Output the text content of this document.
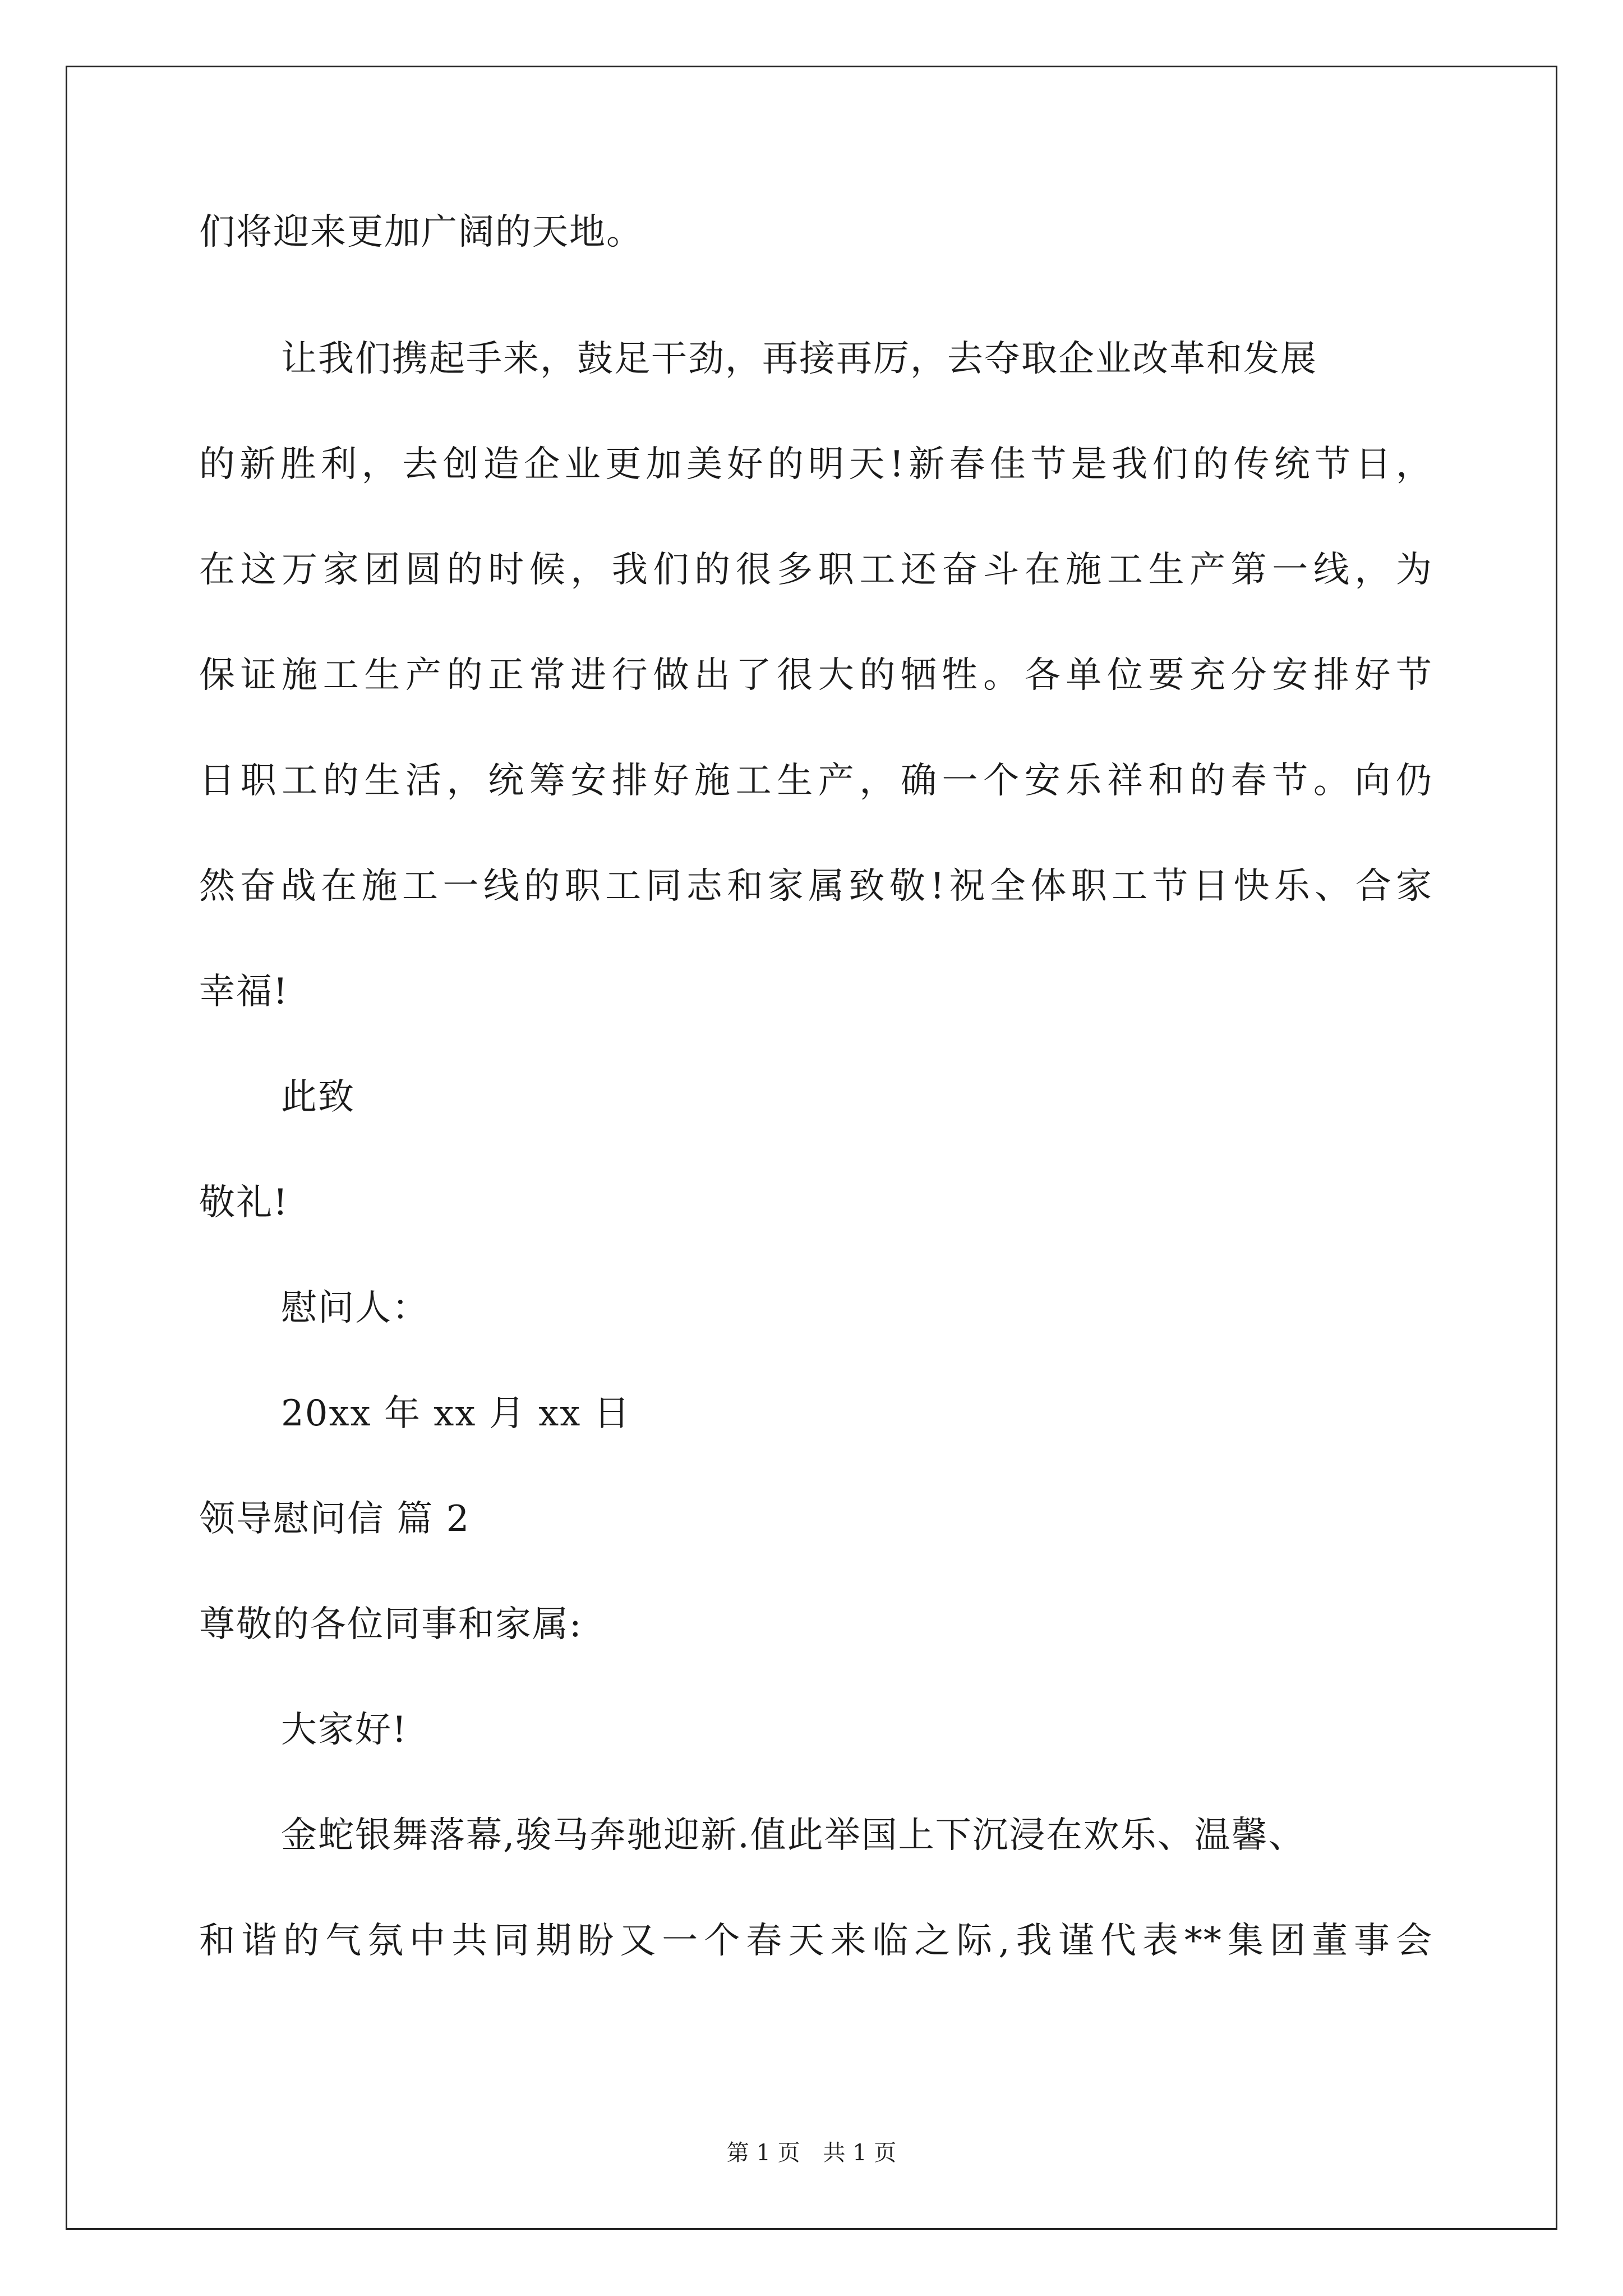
们将迎来更加广阔的天地。
让我们携起手来，鼓足干劲，再接再厉，去夺取企业改革和发展
的新胜利，去创造企业更加美好的明天!新春佳节是我们的传统节日，
在这万家团圆的时候，我们的很多职工还奋斗在施工生产第一线，为
保证施工生产的正常进行做出了很大的牺牲。各单位要充分安排好节
日职工的生活，统筹安排好施工生产，确一个安乐祥和的春节。向仍
然奋战在施工一线的职工同志和家属致敬!祝全体职工节日快乐、合家
幸福!
此致
敬礼!
慰问人：
20xx 年 xx 月 xx 日
领导慰问信 篇 2
尊敬的各位同事和家属:
大家好!
金蛇银舞落幕,骏马奔驰迎新.值此举国上下沉浸在欢乐、温馨、
和谐的气氛中共同期盼又一个春天来临之际,我谨代表**集团董事会
第 1 页 共 1 页
